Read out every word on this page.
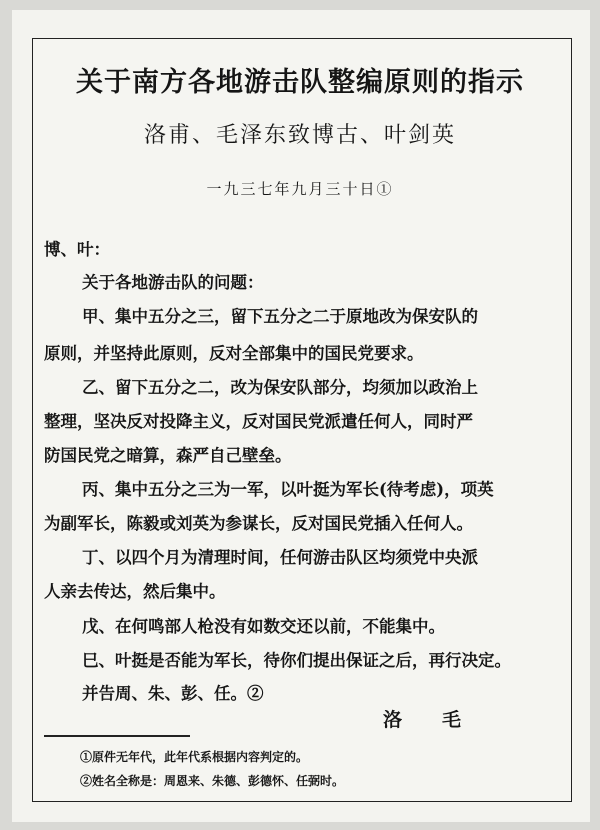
关于南方各地游击队整编原则的指示
洛甫、毛泽东致博古、叶剑英
一九三七年九月三十日①
博、叶：
关于各地游击队的问题：
甲、集中五分之三，留下五分之二于原地改为保安队的
原则，并坚持此原则，反对全部集中的国民党要求。
乙、留下五分之二，改为保安队部分，均须加以政治上
整理，坚决反对投降主义，反对国民党派遣任何人，同时严
防国民党之暗算，森严自己壁垒。
丙、集中五分之三为一军，以叶挺为军长(待考虑)，项英
为副军长，陈毅或刘英为参谋长，反对国民党插入任何人。
丁、以四个月为清理时间，任何游击队区均须党中央派
人亲去传达，然后集中。
戊、在何鸣部人枪没有如数交还以前，不能集中。
巳、叶挺是否能为军长，待你们提出保证之后，再行决定。
并告周、朱、彭、任。②
洛毛
①原件无年代，此年代系根据内容判定的。
②姓名全称是：周恩来、朱德、彭德怀、任弼时。
